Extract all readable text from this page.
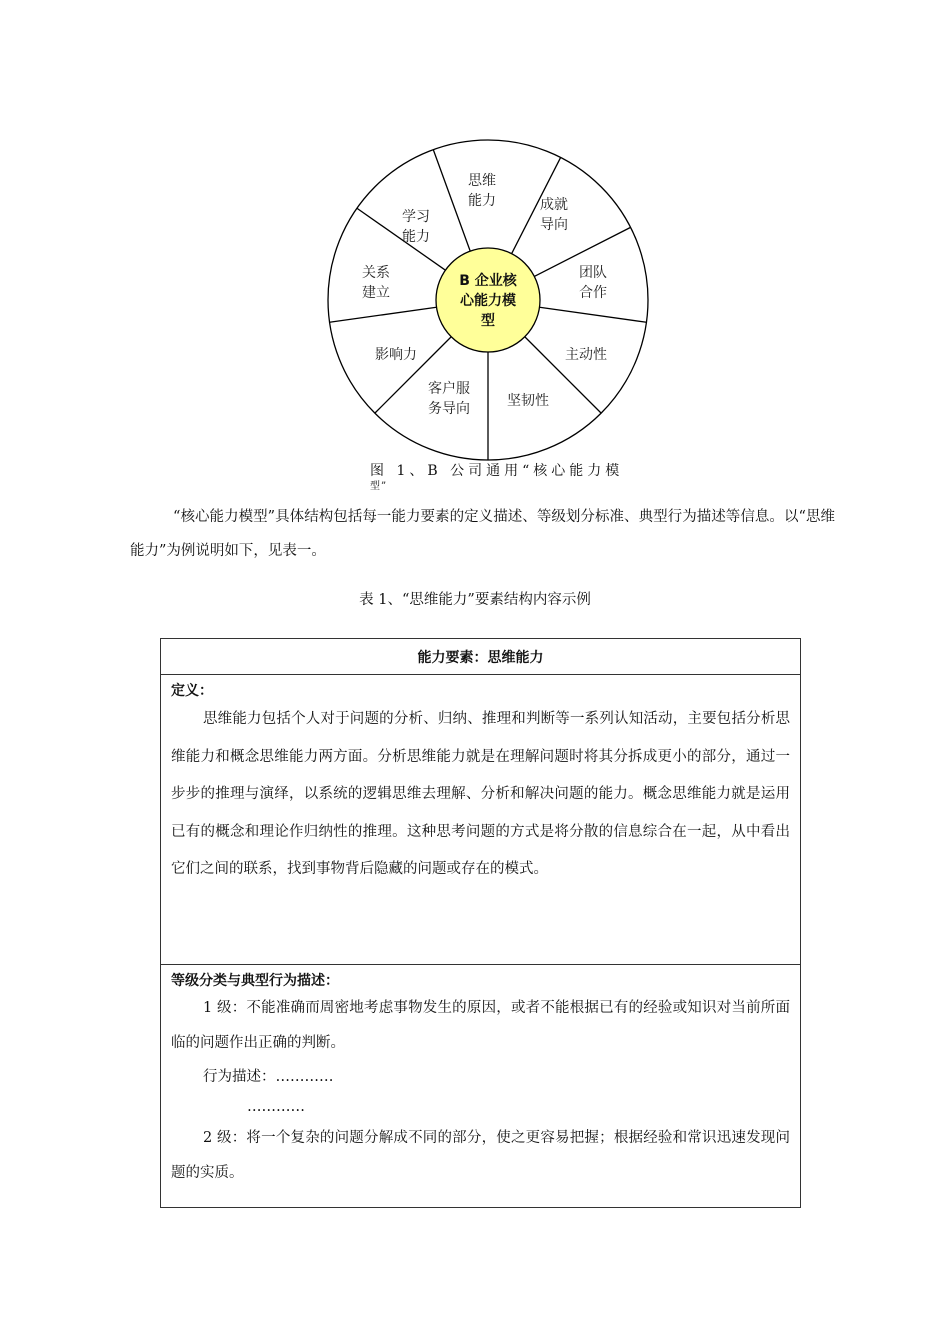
思维能力	成就导向
团队合作
主动性
坚韧性
客户服务导向
影响力
关系建立
学习能力
B 企业核心能力模型
图 1、B 公司通用“核心能力模
型”
“核心能力模型”具体结构包括每一能力要素的定义描述、等级划分标准、典型行为描述等信息。以“思维能力”为例说明如下，见表一。
表 1、“思维能力”要素结构内容示例
能力要素：思维能力
定义：

思维能力包括个人对于问题的分析、归纳、推理和判断等一系列认知活动，主要包括分析思维能力和概念思维能力两方面。分析思维能力就是在理解问题时将其分拆成更小的部分，通过一步步的推理与演绎，以系统的逻辑思维去理解、分析和解决问题的能力。概念思维能力就是运用已有的概念和理论作归纳性的推理。这种思考问题的方式是将分散的信息综合在一起，从中看出它们之间的联系，找到事物背后隐藏的问题或存在的模式。

等级分类与典型行为描述：

1 级：不能准确而周密地考虑事物发生的原因，或者不能根据已有的经验或知识对当前所面临的问题作出正确的判断。

行为描述：…………

…………

2 级：将一个复杂的问题分解成不同的部分，使之更容易把握；根据经验和常识迅速发现问题的实质。
